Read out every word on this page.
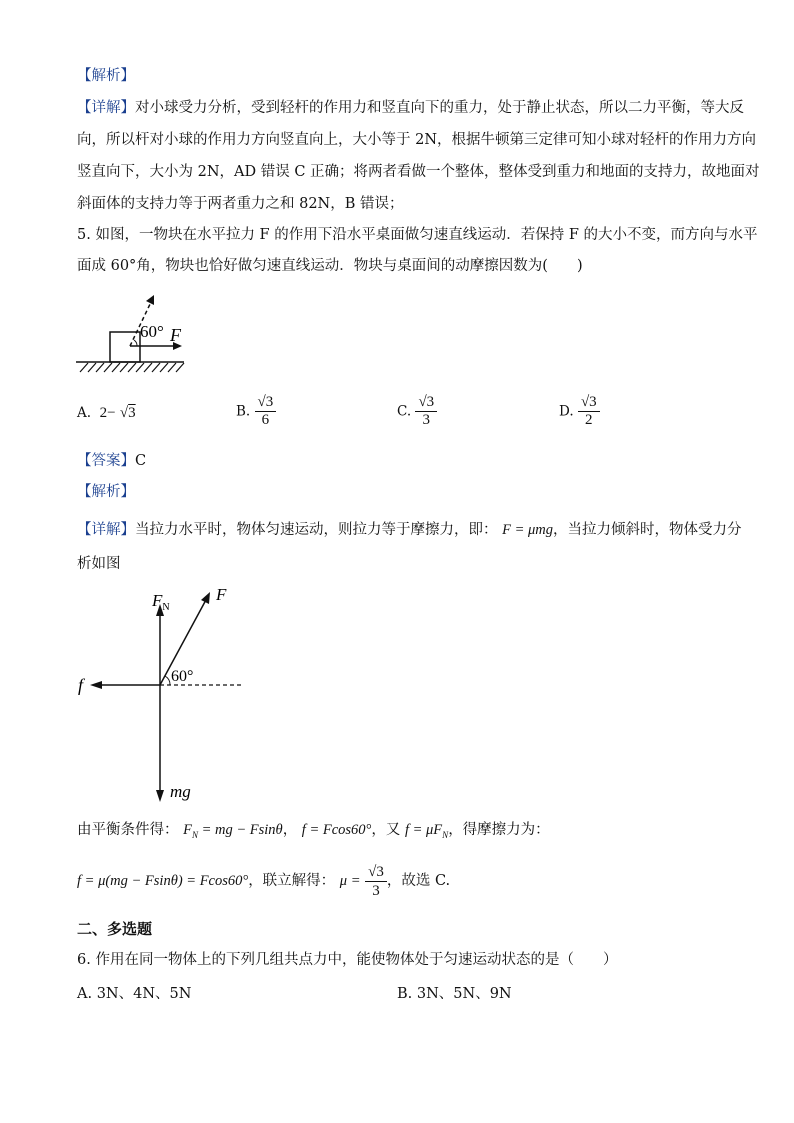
【解析】
【详解】对小球受力分析，受到轻杆的作用力和竖直向下的重力，处于静止状态，所以二力平衡，等大反
向，所以杆对小球的作用力方向竖直向上，大小等于 2N，根据牛顿第三定律可知小球对轻杆的作用力方向
竖直向下，大小为 2N，AD 错误 C 正确；将两者看做一个整体，整体受到重力和地面的支持力，故地面对
斜面体的支持力等于两者重力之和 82N，B 错误；
5. 如图，一物块在水平拉力 F 的作用下沿水平桌面做匀速直线运动．若保持 F 的大小不变，而方向与水平
面成 60°角，物块也恰好做匀速直线运动．物块与桌面间的动摩擦因数为(　　)
60° F
A. 2− √3	B. $\frac{√3}{6}$	C. $\frac{√3}{3}$	D. $\frac{√3}{2}$
【答案】C
【解析】
【详解】当拉力水平时，物体匀速运动，则拉力等于摩擦力，即： F = μmg，当拉力倾斜时，物体受力分
析如图
$F_N$
F
f	60°
mg
由平衡条件得： $F_N$ = mg − Fsinθ， f = Fcos60°，又 $f = \mu F_N$，得摩擦力为：
f = μ(mg − Fsinθ) = Fcos60°，联立解得： $\mu = \frac{√3}{3}$ ，故选 C.
二、多选题
6. 作用在同一物体上的下列几组共点力中，能使物体处于匀速运动状态的是（　　）
A. 3N、4N、5N	B. 3N、5N、9N
